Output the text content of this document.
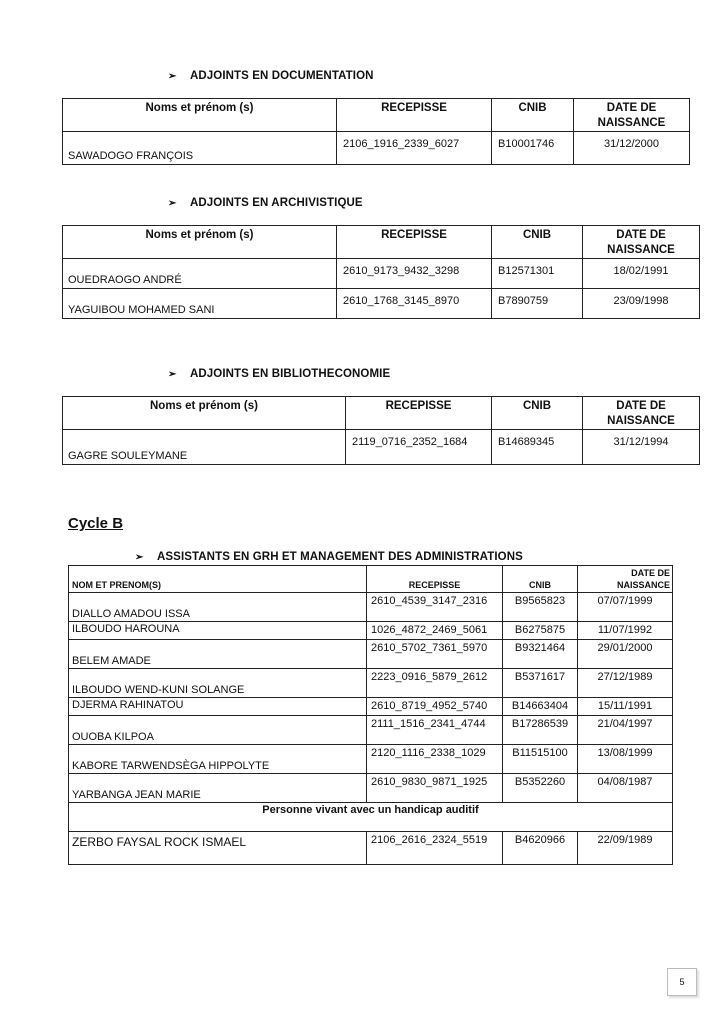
➢ ADJOINTS EN DOCUMENTATION
Noms et prénom (s)	RECEPISSE	CNIB	DATE DE NAISSANCE
SAWADOGO FRANÇOIS	2106_1916_2339_6027	B10001746	31/12/2000
➢ ADJOINTS EN ARCHIVISTIQUE
Noms et prénom (s)	RECEPISSE	CNIB	DATE DE NAISSANCE
OUEDRAOGO ANDRÉ	2610_9173_9432_3298	B12571301	18/02/1991
YAGUIBOU MOHAMED SANI	2610_1768_3145_8970	B7890759	23/09/1998
➢ ADJOINTS EN BIBLIOTHECONOMIE
Noms et prénom (s)	RECEPISSE	CNIB	DATE DE NAISSANCE
GAGRE SOULEYMANE	2119_0716_2352_1684	B14689345	31/12/1994
Cycle B
➢ ASSISTANTS EN GRH ET MANAGEMENT DES ADMINISTRATIONS
NOM ET PRENOM(S)	RECEPISSE	CNIB	DATE DE NAISSANCE
DIALLO AMADOU ISSA	2610_4539_3147_2316	B9565823	07/07/1999
ILBOUDO HAROUNA	1026_4872_2469_5061	B6275875	11/07/1992
BELEM AMADE	2610_5702_7361_5970	B9321464	29/01/2000
ILBOUDO WEND-KUNI SOLANGE	2223_0916_5879_2612	B5371617	27/12/1989
DJERMA RAHINATOU	2610_8719_4952_5740	B14663404	15/11/1991
OUOBA KILPOA	2111_1516_2341_4744	B17286539	21/04/1997
KABORE TARWENDSÈGA HIPPOLYTE	2120_1116_2338_1029	B11515100	13/08/1999
YARBANGA JEAN MARIE	2610_9830_9871_1925	B5352260	04/08/1987
Personne vivant avec un handicap auditif			
ZERBO FAYSAL ROCK ISMAEL	2106_2616_2324_5519	B4620966	22/09/1989
5
